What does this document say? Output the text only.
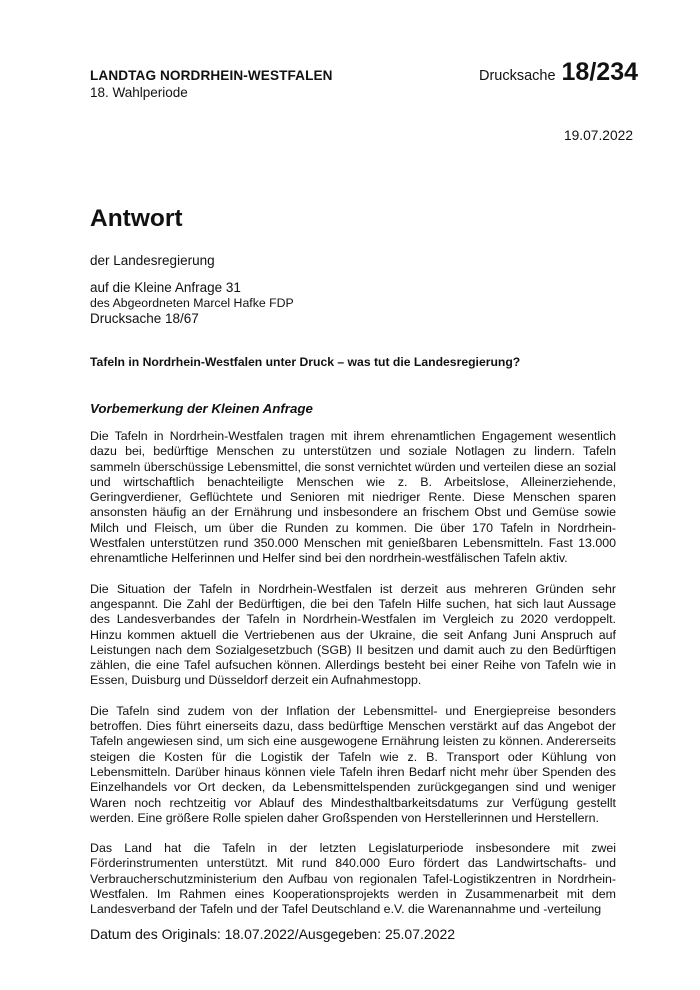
LANDTAG NORDRHEIN-WESTFALEN
18. Wahlperiode
Drucksache 18/234
19.07.2022
Antwort
der Landesregierung
auf die Kleine Anfrage 31
des Abgeordneten Marcel Hafke FDP
Drucksache 18/67
Tafeln in Nordrhein-Westfalen unter Druck – was tut die Landesregierung?
Vorbemerkung der Kleinen Anfrage

Die Tafeln in Nordrhein-Westfalen tragen mit ihrem ehrenamtlichen Engagement wesentlich dazu bei, bedürftige Menschen zu unterstützen und soziale Notlagen zu lindern. Tafeln sammeln überschüssige Lebensmittel, die sonst vernichtet würden und verteilen diese an sozial und wirtschaftlich benachteiligte Menschen wie z. B. Arbeitslose, Alleinerziehende, Geringverdiener, Geflüchtete und Senioren mit niedriger Rente. Diese Menschen sparen ansonsten häufig an der Ernährung und insbesondere an frischem Obst und Gemüse sowie Milch und Fleisch, um über die Runden zu kommen. Die über 170 Tafeln in Nordrhein-Westfalen unterstützen rund 350.000 Menschen mit genießbaren Lebensmitteln. Fast 13.000 ehrenamtliche Helferinnen und Helfer sind bei den nordrhein-westfälischen Tafeln aktiv.

Die Situation der Tafeln in Nordrhein-Westfalen ist derzeit aus mehreren Gründen sehr angespannt. Die Zahl der Bedürftigen, die bei den Tafeln Hilfe suchen, hat sich laut Aussage des Landesverbandes der Tafeln in Nordrhein-Westfalen im Vergleich zu 2020 verdoppelt. Hinzu kommen aktuell die Vertriebenen aus der Ukraine, die seit Anfang Juni Anspruch auf Leistungen nach dem Sozialgesetzbuch (SGB) II besitzen und damit auch zu den Bedürftigen zählen, die eine Tafel aufsuchen können. Allerdings besteht bei einer Reihe von Tafeln wie in Essen, Duisburg und Düsseldorf derzeit ein Aufnahmestopp.

Die Tafeln sind zudem von der Inflation der Lebensmittel- und Energiepreise besonders betroffen. Dies führt einerseits dazu, dass bedürftige Menschen verstärkt auf das Angebot der Tafeln angewiesen sind, um sich eine ausgewogene Ernährung leisten zu können. Andererseits steigen die Kosten für die Logistik der Tafeln wie z. B. Transport oder Kühlung von Lebensmitteln. Darüber hinaus können viele Tafeln ihren Bedarf nicht mehr über Spenden des Einzelhandels vor Ort decken, da Lebensmittelspenden zurückgegangen sind und weniger Waren noch rechtzeitig vor Ablauf des Mindesthaltbarkeitsdatums zur Verfügung gestellt werden. Eine größere Rolle spielen daher Großspenden von Herstellerinnen und Herstellern.

Das Land hat die Tafeln in der letzten Legislaturperiode insbesondere mit zwei Förderinstrumenten unterstützt. Mit rund 840.000 Euro fördert das Landwirtschafts- und Verbraucherschutzministerium den Aufbau von regionalen Tafel-Logistikzentren in Nordrhein-Westfalen. Im Rahmen eines Kooperationsprojekts werden in Zusammenarbeit mit dem Landesverband der Tafeln und der Tafel Deutschland e.V. die Warenannahme und -verteilung

Datum des Originals: 18.07.2022/Ausgegeben: 25.07.2022
